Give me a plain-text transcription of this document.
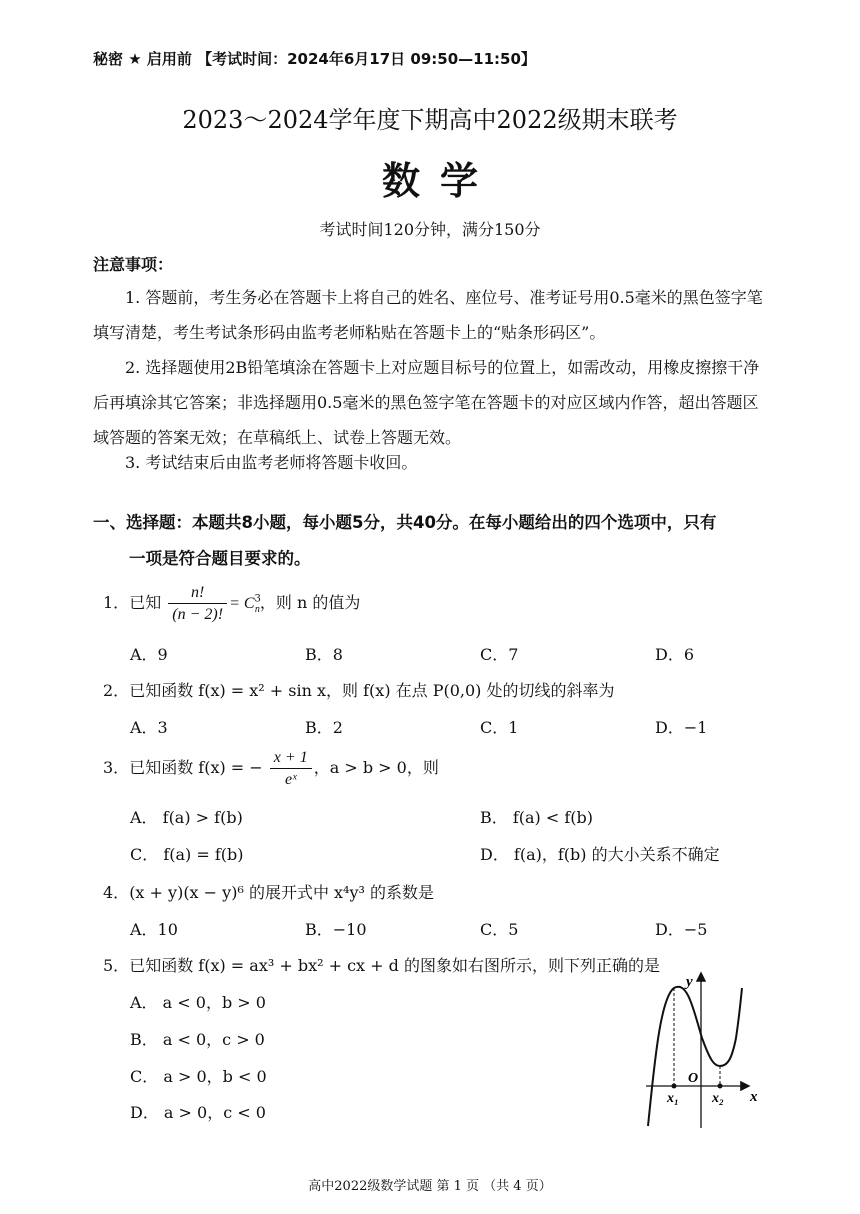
秘密 ★ 启用前 【考试时间：2024年6月17日 09:50—11:50】
2023～2024学年度下期高中2022级期末联考
数学
考试时间120分钟，满分150分
注意事项：
1. 答题前，考生务必在答题卡上将自己的姓名、座位号、准考证号用0.5毫米的黑色签字笔填写清楚，考生考试条形码由监考老师粘贴在答题卡上的“贴条形码区”。
2. 选择题使用2B铅笔填涂在答题卡上对应题目标号的位置上，如需改动，用橡皮擦擦干净后再填涂其它答案；非选择题用0.5毫米的黑色签字笔在答题卡的对应区域内作答，超出答题区域答题的答案无效；在草稿纸上、试卷上答题无效。
3. 考试结束后由监考老师将答题卡收回。
一、选择题：本题共8小题，每小题5分，共40分。在每小题给出的四个选项中，只有
一项是符合题目要求的。
1．已知 $\frac{n!}{(n - 2)!} = C^3_n$，则 n 的值为
A．9	B．8	C．7	D．6
2．已知函数 f(x) = x² + sin x，则 f(x) 在点 P(0,0) 处的切线的斜率为
A．3	B．2	C．1	D．−1
3．已知函数 f(x) = − $\frac{x + 1}{\text{eˣ}}$ ，a > b > 0，则
A． f(a) > f(b)	B． f(a) < f(b)
C． f(a) = f(b)	D． f(a)，f(b) 的大小关系不确定
4．(x + y)(x − y)⁶ 的展开式中 x⁴y³ 的系数是
A．10	B．−10	C．5	D．−5
5．已知函数 f(x) = ax³ + bx² + cx + d 的图象如右图所示，则下列正确的是
A． a < 0，b > 0
B． a < 0，c > 0
C． a > 0，b < 0
D． a > 0，c < 0
y
x
O
x₁ x₂
高中2022级数学试题 第 1 页 （共 4 页）
